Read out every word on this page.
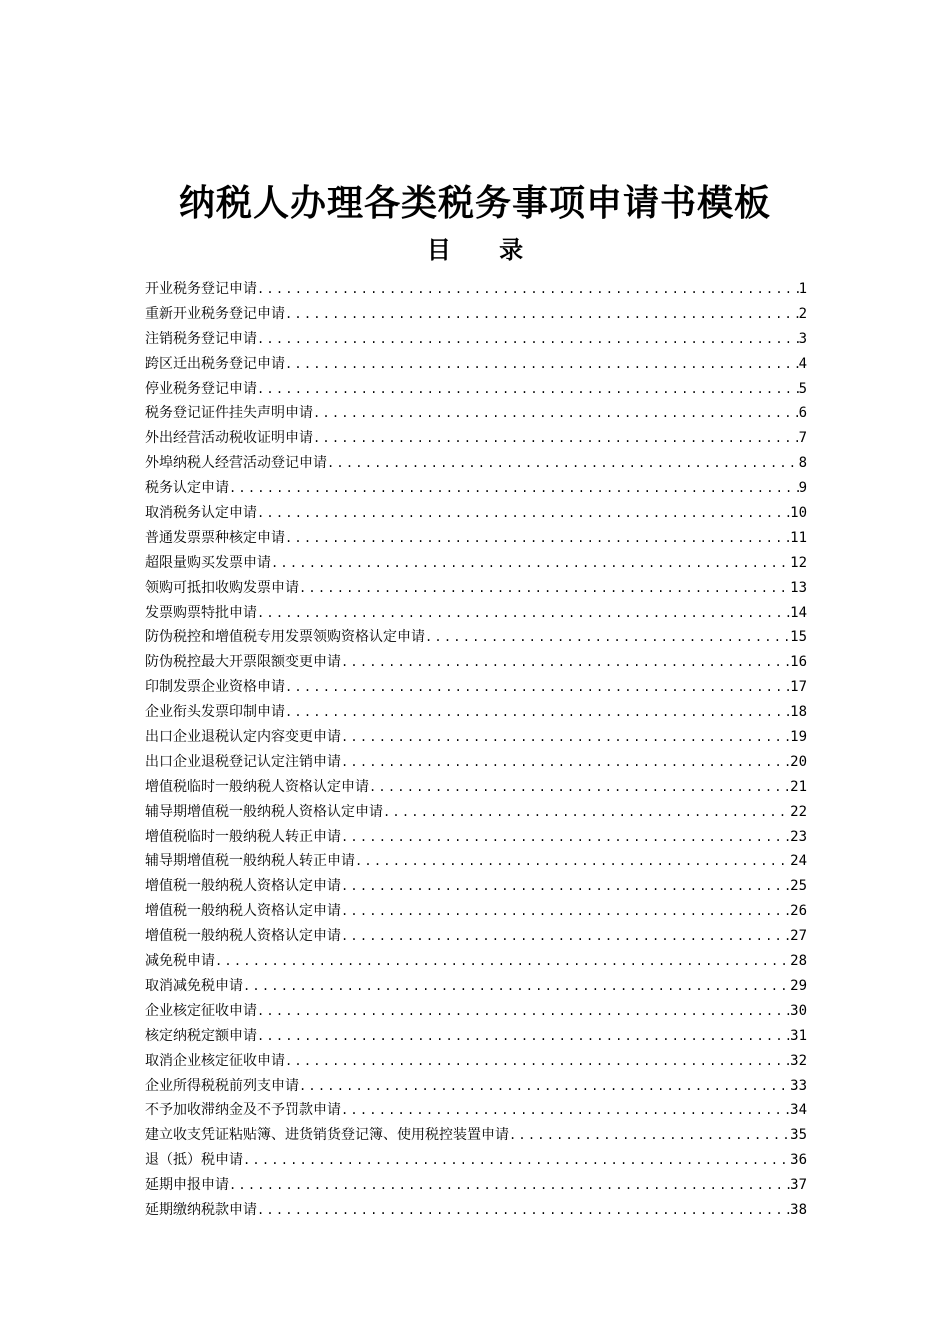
纳税人办理各类税务事项申请书模板
目 录
开业税务登记申请 .....	1
重新开业税务登记申请 .....	2
注销税务登记申请 .....	3
跨区迁出税务登记申请 .....	4
停业税务登记申请 .....	5
税务登记证件挂失声明申请 .....	6
外出经营活动税收证明申请 .....	7
外埠纳税人经营活动登记申请 .....	8
税务认定申请 .....	9
取消税务认定申请 .....	10
普通发票票种核定申请 .....	11
超限量购买发票申请 .....	12
领购可抵扣收购发票申请 .....	13
发票购票特批申请 .....	14
防伪税控和增值税专用发票领购资格认定申请 .....	15
防伪税控最大开票限额变更申请 .....	16
印制发票企业资格申请 .....	17
企业衔头发票印制申请 .....	18
出口企业退税认定内容变更申请 .....	19
出口企业退税登记认定注销申请 .....	20
增值税临时一般纳税人资格认定申请 .....	21
辅导期增值税一般纳税人资格认定申请 .....	22
增值税临时一般纳税人转正申请 .....	23
辅导期增值税一般纳税人转正申请 .....	24
增值税一般纳税人资格认定申请 .....	25
增值税一般纳税人资格认定申请 .....	26
增值税一般纳税人资格认定申请 .....	27
减免税申请 .....	28
取消减免税申请 .....	29
企业核定征收申请 .....	30
核定纳税定额申请 .....	31
取消企业核定征收申请 .....	32
企业所得税税前列支申请 .....	33
不予加收滞纳金及不予罚款申请 .....	34
建立收支凭证粘贴簿、进货销货登记簿、使用税控装置申请 .....	35
退（抵）税申请 .....	36
延期申报申请 .....	37
延期缴纳税款申请 .....	38
